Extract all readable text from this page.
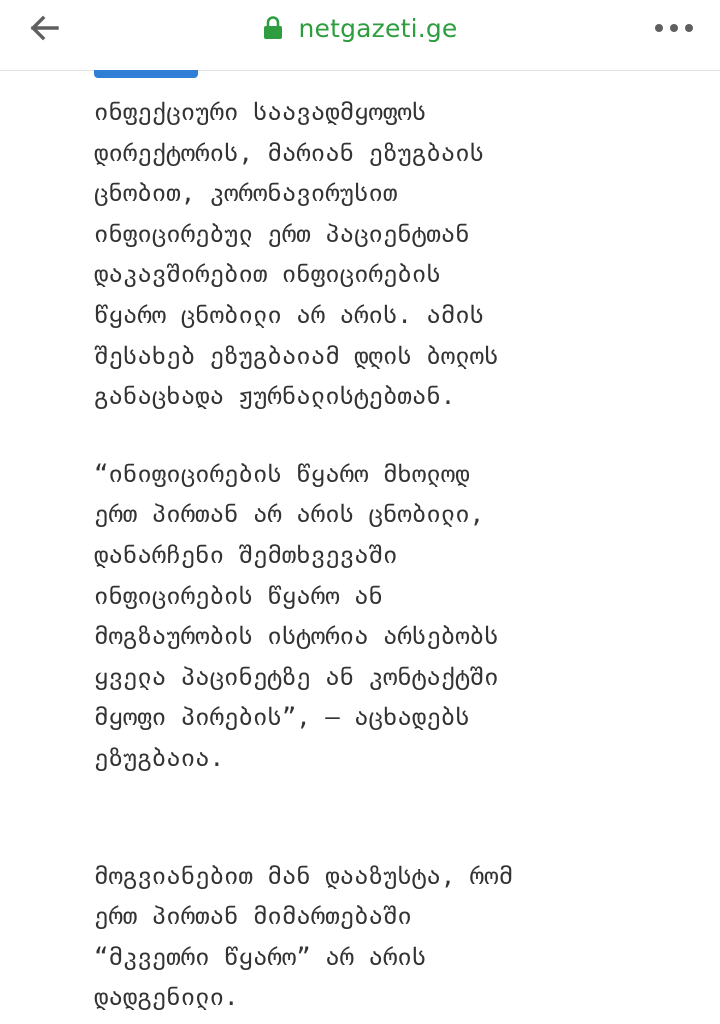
netgazeti.ge

ინფექციური საავადმყოფოს
დირექტორის, მარიან ეზუგბაის
ცნობით, კორონავირუსით
ინფიცირებულ ერთ პაციენტთან
დაკავშირებით ინფიცირების
წყარო ცნობილი არ არის. ამის
შესახებ ეზუგბაიამ დღის ბოლოს
განაცხადა ჟურნალისტებთან.

“ინიფიცირების წყარო მხოლოდ
ერთ პირთან არ არის ცნობილი,
დანარჩენი შემთხვევაში
ინფიცირების წყარო ან
მოგზაურობის ისტორია არსებობს
ყველა პაცინეტზე ან კონტაქტში
მყოფი პირების”, – აცხადებს
ეზუგბაია.

მოგვიანებით მან დააზუსტა, რომ
ერთ პირთან მიმართებაში
“მკვეთრი წყარო” არ არის
დადგენილი.
